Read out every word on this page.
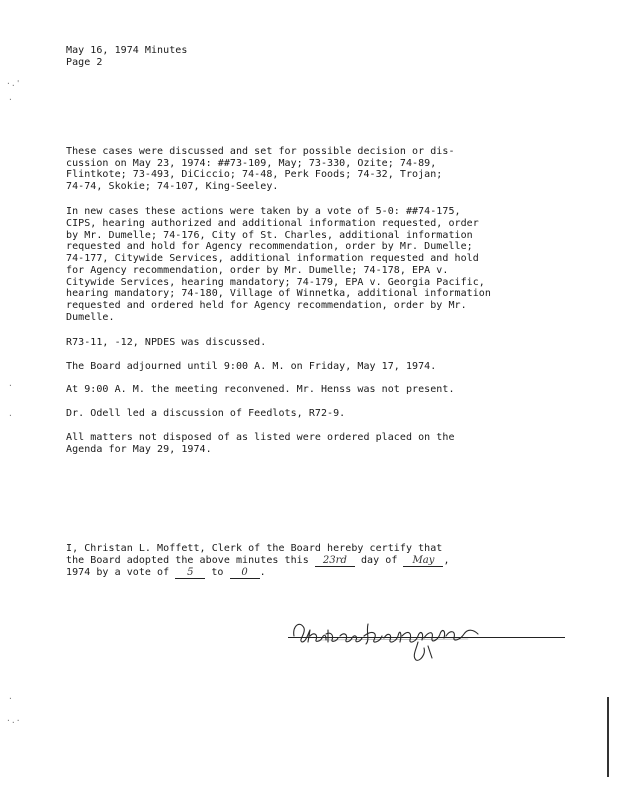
·.'
·
·
·
·
·.·
May 16, 1974 Minutes
Page 2
These cases were discussed and set for possible decision or dis-
cussion on May 23, 1974: ##73-109, May; 73-330, Ozite; 74-89,
Flintkote; 73-493, DiCiccio; 74-48, Perk Foods; 74-32, Trojan;
74-74, Skokie; 74-107, King-Seeley.
In new cases these actions were taken by a vote of 5-0: ##74-175,
CIPS, hearing authorized and additional information requested, order
by Mr. Dumelle; 74-176, City of St. Charles, additional information
requested and hold for Agency recommendation, order by Mr. Dumelle;
74-177, Citywide Services, additional information requested and hold
for Agency recommendation, order by Mr. Dumelle; 74-178, EPA v.
Citywide Services, hearing mandatory; 74-179, EPA v. Georgia Pacific,
hearing mandatory; 74-180, Village of Winnetka, additional information
requested and ordered held for Agency recommendation, order by Mr.
Dumelle.
R73-11, -12, NPDES was discussed.
The Board adjourned until 9:00 A. M. on Friday, May 17, 1974.
At 9:00 A. M. the meeting reconvened. Mr. Henss was not present.
Dr. Odell led a discussion of Feedlots, R72-9.
All matters not disposed of as listed were ordered placed on the
Agenda for May 29, 1974.
I, Christan L. Moffett, Clerk of the Board hereby certify that
the Board adopted the above minutes this 23rd day of May ,
1974 by a vote of 5 to 0 .
